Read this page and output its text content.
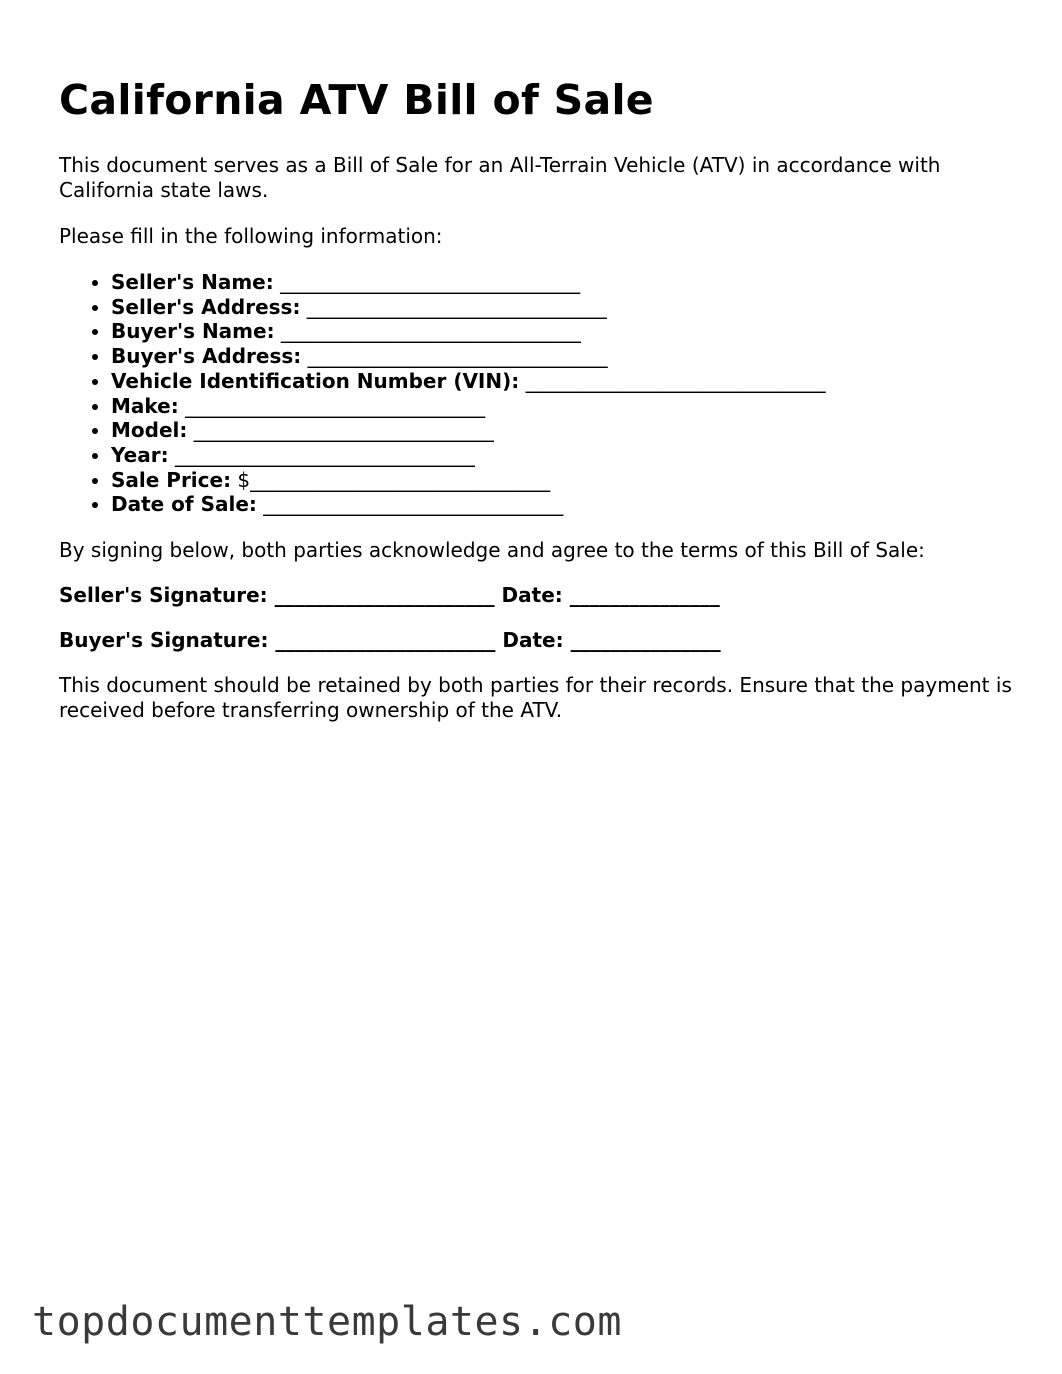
California ATV Bill of Sale

This document serves as a Bill of Sale for an All-Terrain Vehicle (ATV) in accordance with California state laws.

Please fill in the following information:

• Seller's Name: ______________________________
• Seller's Address: ______________________________
• Buyer's Name: ______________________________
• Buyer's Address: ______________________________
• Vehicle Identification Number (VIN): ______________________________
• Make: ______________________________
• Model: ______________________________
• Year: ______________________________
• Sale Price: $______________________________
• Date of Sale: ______________________________

By signing below, both parties acknowledge and agree to the terms of this Bill of Sale:

Seller's Signature: ______________________ Date: _______________

Buyer's Signature: ______________________ Date: _______________

This document should be retained by both parties for their records. Ensure that the payment is received before transferring ownership of the ATV.

topdocumenttemplates.com
